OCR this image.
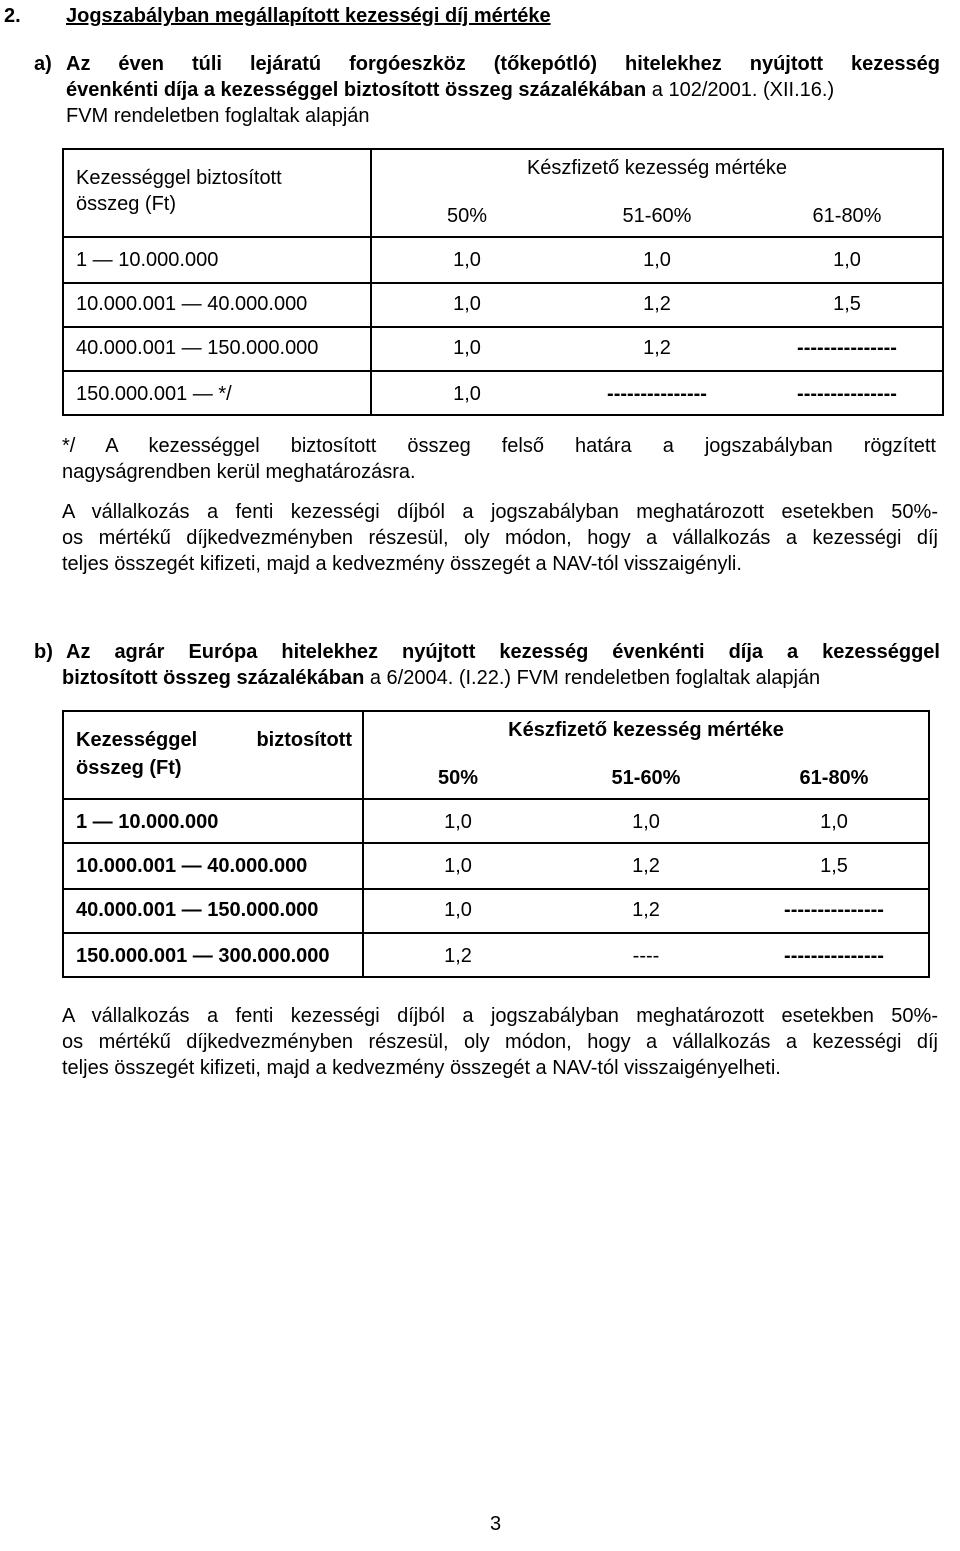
2. Jogszabályban megállapított kezességi díj mértéke
a) Az éven túli lejáratú forgóeszköz (tőkepótló) hitelekhez nyújtott kezesség
évenkénti díja a kezességgel biztosított összeg százalékában a 102/2001. (XII.16.)
FVM rendeletben foglaltak alapján
Kezességgel biztosított
összeg (Ft)
Készfizető kezesség mértéke
50%	51-60%	61-80%
1 — 10.000.000	1,0	1,0	1,0
10.000.001 — 40.000.000	1,0	1,2	1,5
40.000.001 — 150.000.000	1,0	1,2	---------------
150.000.001 — */	1,0	---------------	---------------
*/ A kezességgel biztosított összeg felső határa a jogszabályban rögzített
nagyságrendben kerül meghatározásra.
A vállalkozás a fenti kezességi díjból a jogszabályban meghatározott esetekben 50%-
os mértékű díjkedvezményben részesül, oly módon, hogy a vállalkozás a kezességi díj
teljes összegét kifizeti, majd a kedvezmény összegét a NAV-tól visszaigényli.
b) Az agrár Európa hitelekhez nyújtott kezesség évenkénti díja a kezességgel
biztosított összeg százalékában a 6/2004. (I.22.) FVM rendeletben foglaltak alapján
Kezességgel biztosított
összeg (Ft)
Készfizető kezesség mértéke
50%	51-60%	61-80%
1 — 10.000.000	1,0	1,0	1,0
10.000.001 — 40.000.000	1,0	1,2	1,5
40.000.001 — 150.000.000	1,0	1,2	---------------
150.000.001 — 300.000.000	1,2	----	---------------
A vállalkozás a fenti kezességi díjból a jogszabályban meghatározott esetekben 50%-
os mértékű díjkedvezményben részesül, oly módon, hogy a vállalkozás a kezességi díj
teljes összegét kifizeti, majd a kedvezmény összegét a NAV-tól visszaigényelheti.
3
